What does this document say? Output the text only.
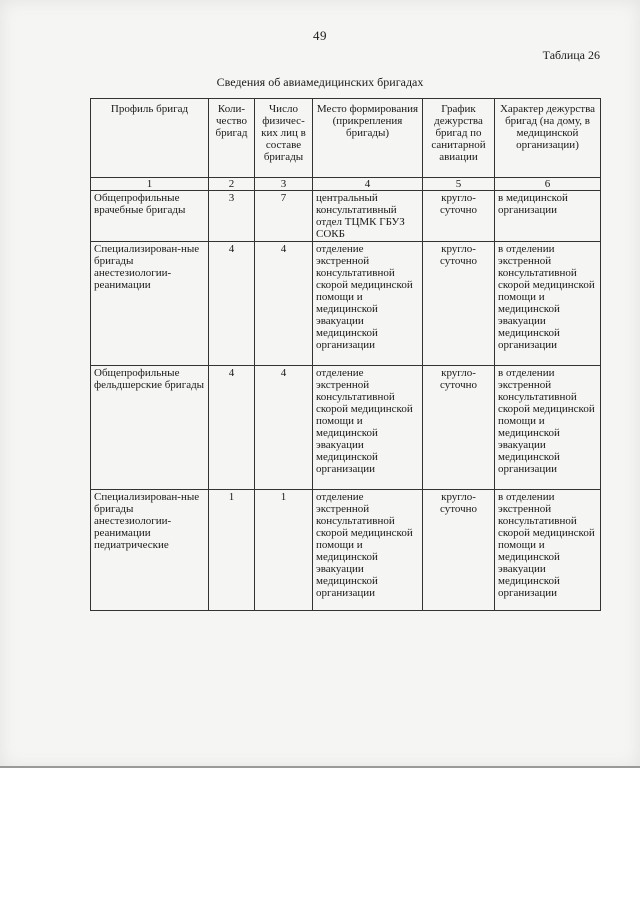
49
Таблица 26
Сведения об авиамедицинских бригадах
Профиль бригад	Коли-чество бригад	Число физичес-ких лиц в составе бригады	Место формирования (прикрепления бригады)	График дежурства бригад по санитарной авиации	Характер дежурства бригад (на дому, в медицинской организации)
1	2	3	4	5	6
Общепрофильные врачебные бригады	3	7	центральный консультативный отдел ТЦМК ГБУЗ СОКБ	кругло-суточно	в медицинской организации
Специализирован-ные бригады анестезиологии-реанимации	4	4	отделение экстренной консультативной скорой медицинской помощи и медицинской эвакуации медицинской организации	кругло-суточно	в отделении экстренной консультативной скорой медицинской помощи и медицинской эвакуации медицинской организации
Общепрофильные фельдшерские бригады	4	4	отделение экстренной консультативной скорой медицинской помощи и медицинской эвакуации медицинской организации	кругло-суточно	в отделении экстренной консультативной скорой медицинской помощи и медицинской эвакуации медицинской организации
Специализирован-ные бригады анестезиологии-реанимации педиатрические	1	1	отделение экстренной консультативной скорой медицинской помощи и медицинской эвакуации медицинской организации	кругло-суточно	в отделении экстренной консультативной скорой медицинской помощи и медицинской эвакуации медицинской организации
